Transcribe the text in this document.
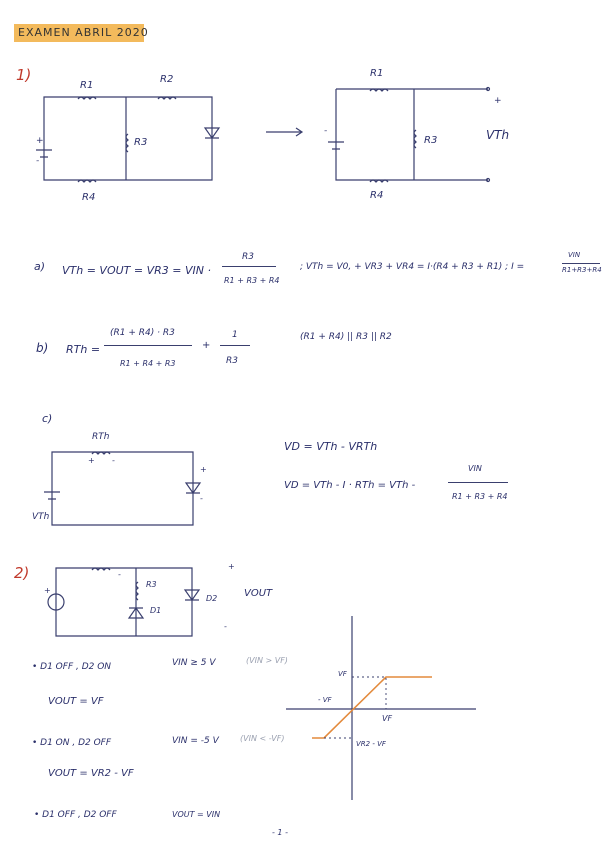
EXAMEN ABRIL 2020
1)
R1
R2
R3
R4
+
-
R1
R3
R4
VTh
+
-
a) VTh = VOUT = VR3 = VIN ·
R3
R1 + R3 + R4
; VTh = V0, + VR3 + VR4 = I·(R4 + R3 + R1) ; I =
VIN
R1+R3+R4
b) RTh =
(R1 + R4) · R3
R1 + R4 + R3
+
1
R3
(R1 + R4) || R3 || R2
c)
RTh
+ -
VTh
+
-
VD = VTh - VRTh
VD = VTh - I · RTh = VTh -
VIN
R1 + R3 + R4
2)
+
-
R3
D1
D2	VOUT
+
-
• D1 OFF , D2 ON	VIN ≥ 5 V	(VIN > VF)
VOUT = VF
• D1 ON , D2 OFF	VIN = -5 V	(VIN < -VF)
VOUT = VR2 - VF
• D1 OFF , D2 OFF	VOUT = VIN
VF
- VF
VF
VR2 - VF
- 1 -
